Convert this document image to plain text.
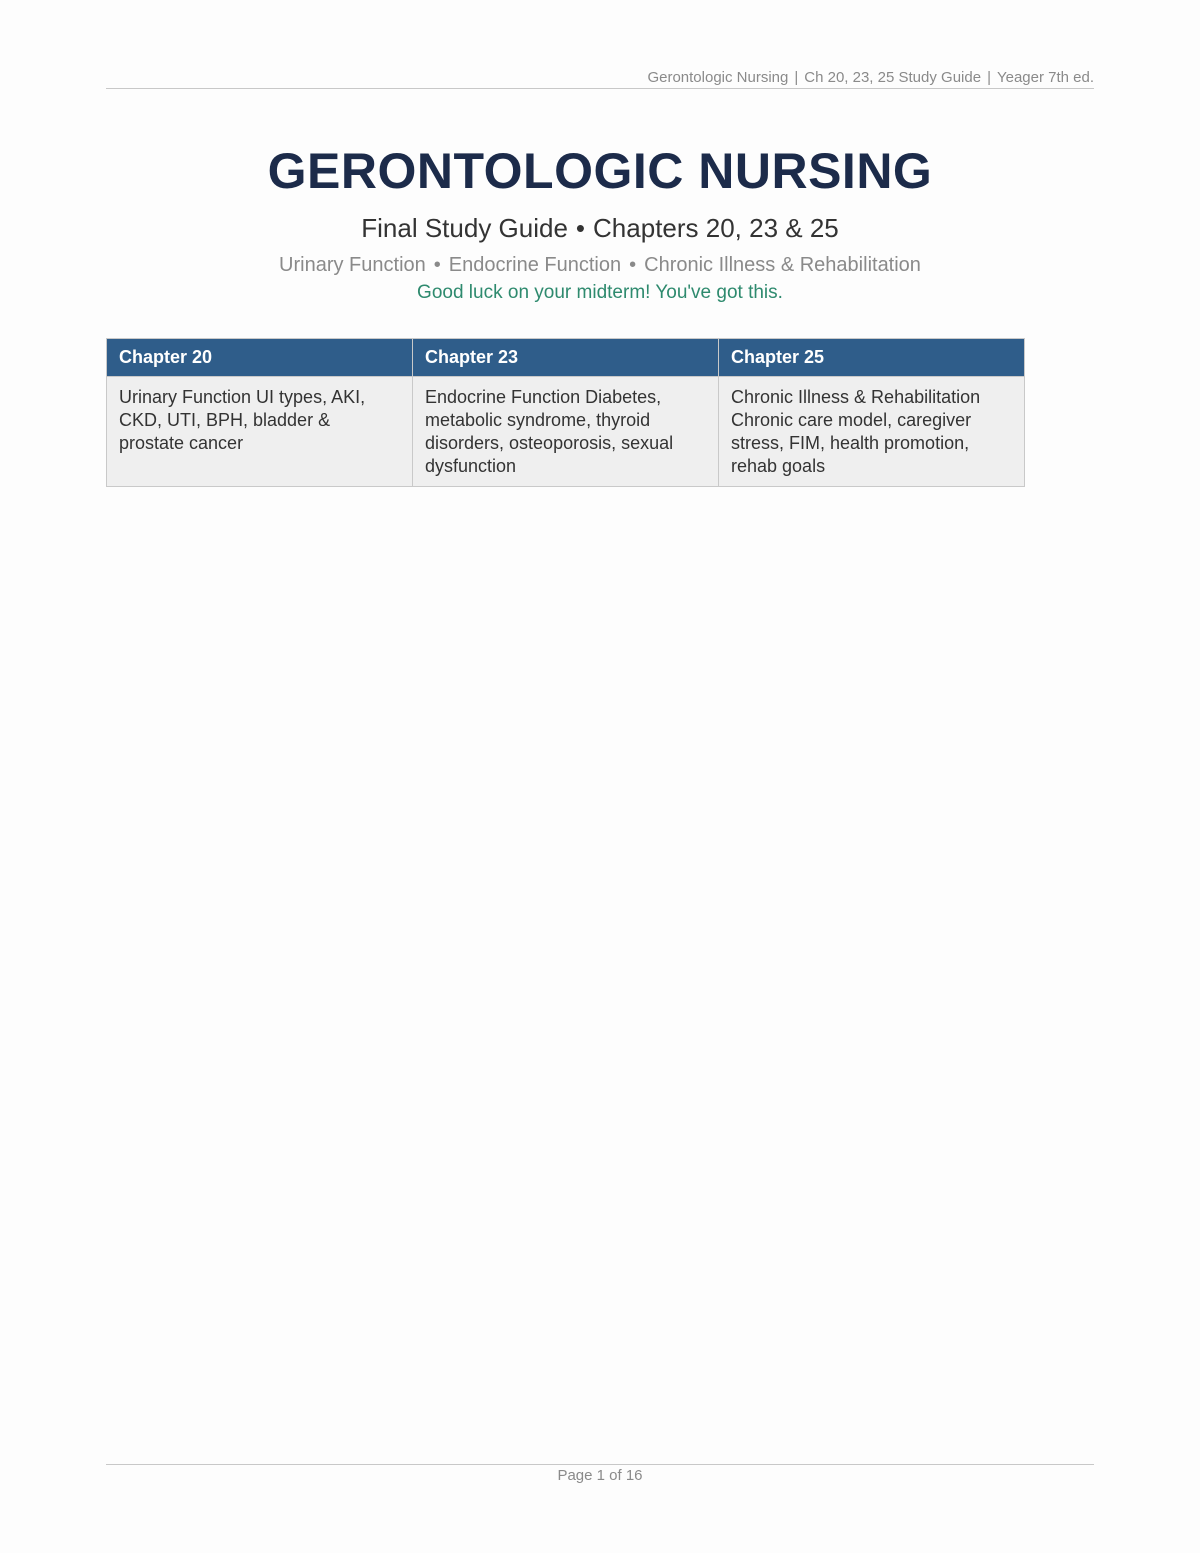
Gerontologic Nursing | Ch 20, 23, 25 Study Guide | Yeager 7th ed.
GERONTOLOGIC NURSING
Final Study Guide • Chapters 20, 23 & 25
Urinary Function • Endocrine Function • Chronic Illness & Rehabilitation
Good luck on your midterm! You've got this.
Chapter 20	Chapter 23	Chapter 25
Urinary Function UI types, AKI, CKD, UTI, BPH, bladder & prostate cancer	Endocrine Function Diabetes, metabolic syndrome, thyroid disorders, osteoporosis, sexual dysfunction	Chronic Illness & Rehabilitation Chronic care model, caregiver stress, FIM, health promotion, rehab goals
Page 1 of 16
